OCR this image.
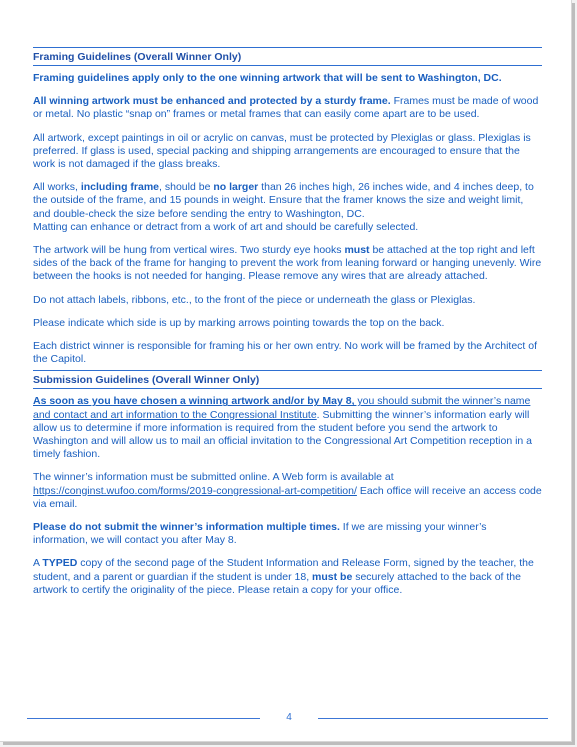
Framing Guidelines (Overall Winner Only)

Framing guidelines apply only to the one winning artwork that will be sent to Washington, DC.

All winning artwork must be enhanced and protected by a sturdy frame. Frames must be made of wood or metal. No plastic “snap on” frames or metal frames that can easily come apart are to be used.

All artwork, except paintings in oil or acrylic on canvas, must be protected by Plexiglas or glass. Plexiglas is preferred. If glass is used, special packing and shipping arrangements are encouraged to ensure that the work is not damaged if the glass breaks.

All works, including frame, should be no larger than 26 inches high, 26 inches wide, and 4 inches deep, to the outside of the frame, and 15 pounds in weight. Ensure that the framer knows the size and weight limit, and double-check the size before sending the entry to Washington, DC.
Matting can enhance or detract from a work of art and should be carefully selected.

The artwork will be hung from vertical wires. Two sturdy eye hooks must be attached at the top right and left sides of the back of the frame for hanging to prevent the work from leaning forward or hanging unevenly. Wire between the hooks is not needed for hanging. Please remove any wires that are already attached.

Do not attach labels, ribbons, etc., to the front of the piece or underneath the glass or Plexiglas.

Please indicate which side is up by marking arrows pointing towards the top on the back.

Each district winner is responsible for framing his or her own entry. No work will be framed by the Architect of the Capitol.

Submission Guidelines (Overall Winner Only)

As soon as you have chosen a winning artwork and/or by May 8, you should submit the winner’s name and contact and art information to the Congressional Institute. Submitting the winner’s information early will allow us to determine if more information is required from the student before you send the artwork to Washington and will allow us to mail an official invitation to the Congressional Art Competition reception in a timely fashion.

The winner’s information must be submitted online. A Web form is available at
https://conginst.wufoo.com/forms/2019-congressional-art-competition/ Each office will receive an access code via email.

Please do not submit the winner’s information multiple times. If we are missing your winner’s information, we will contact you after May 8.

A TYPED copy of the second page of the Student Information and Release Form, signed by the teacher, the student, and a parent or guardian if the student is under 18, must be securely attached to the back of the artwork to certify the originality of the piece. Please retain a copy for your office.

4
